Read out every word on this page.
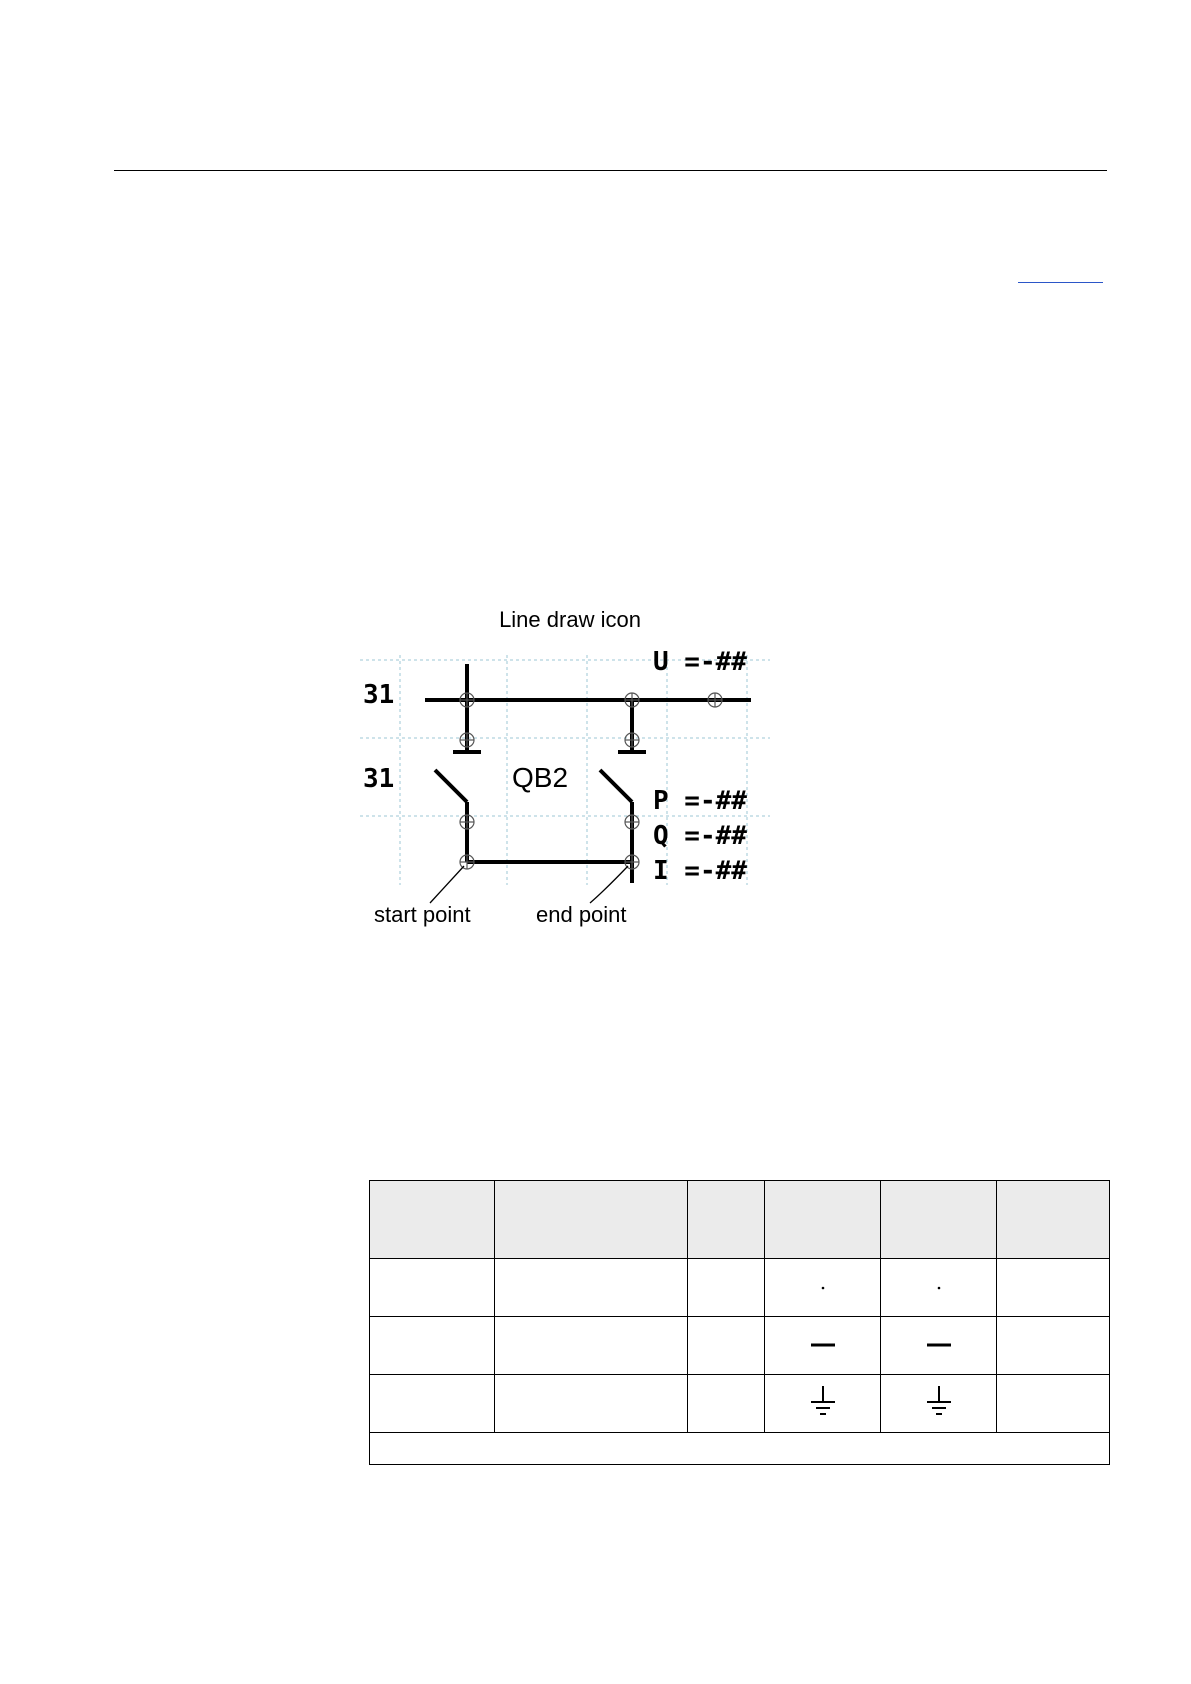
Line draw icon
31
31	QB2
U =-##
P =-##
Q =-##
I =-##
start point	end point
